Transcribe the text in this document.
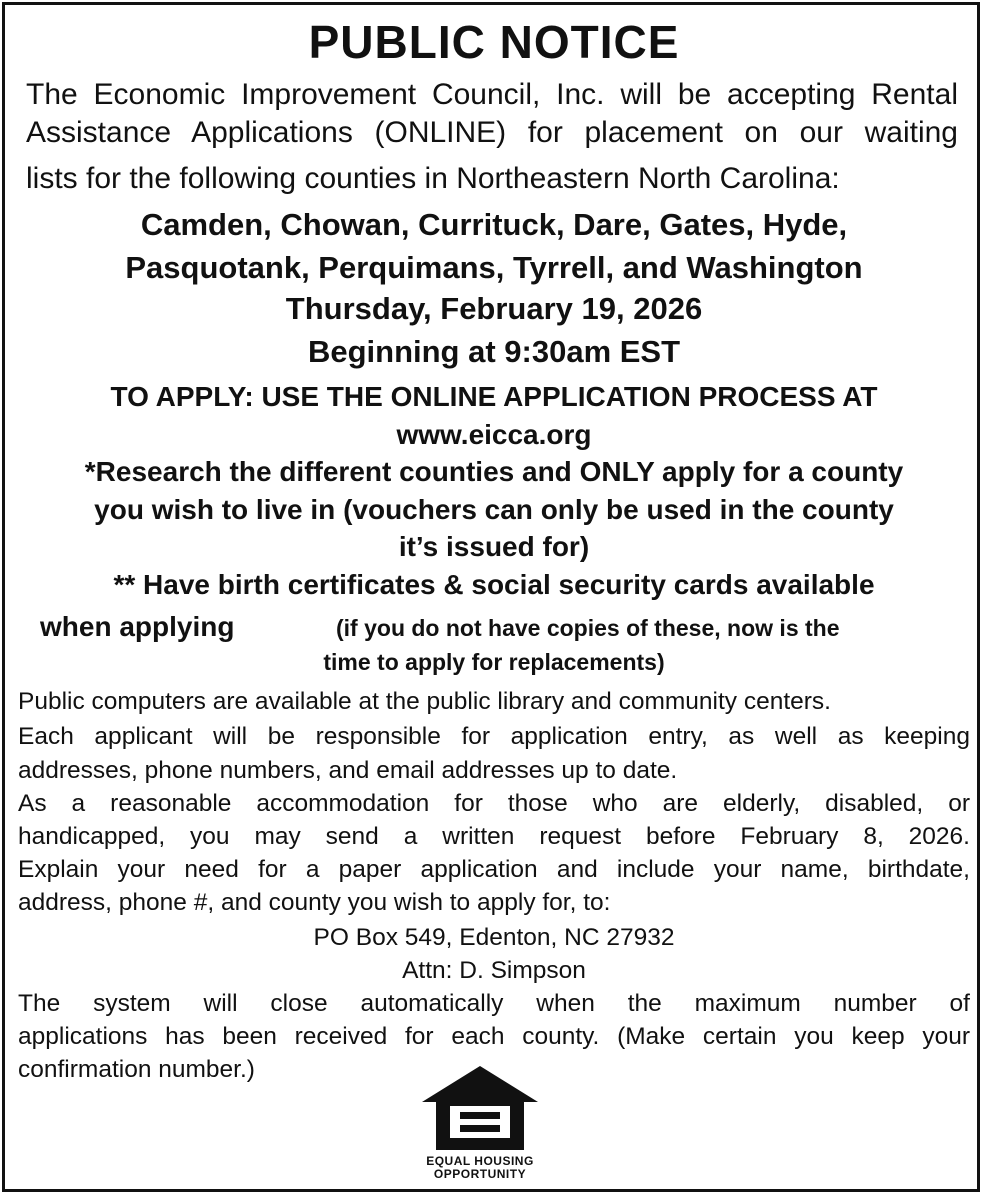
PUBLIC NOTICE

The Economic Improvement Council, Inc. will be accepting Rental

Assistance Applications (ONLINE) for placement on our waiting

lists for the following counties in Northeastern North Carolina:

Camden, Chowan, Currituck, Dare, Gates, Hyde,

Pasquotank, Perquimans, Tyrrell, and Washington

Thursday, February 19, 2026

Beginning at 9:30am EST

TO APPLY: USE THE ONLINE APPLICATION PROCESS AT

www.eicca.org

*Research the different counties and ONLY apply for a county

you wish to live in (vouchers can only be used in the county

it’s issued for)

** Have birth certificates & social security cards available

when applying	(if you do not have copies of these, now is the

time to apply for replacements)

Public computers are available at the public library and community centers.

Each applicant will be responsible for application entry, as well as keeping

addresses, phone numbers, and email addresses up to date.

As a reasonable accommodation for those who are elderly, disabled, or

handicapped, you may send a written request before February 8, 2026.

Explain your need for a paper application and include your name, birthdate,

address, phone #, and county you wish to apply for, to:

PO Box 549, Edenton, NC 27932

Attn: D. Simpson

The system will close automatically when the maximum number of

applications has been received for each county. (Make certain you keep your

confirmation number.)

EQUAL HOUSING
OPPORTUNITY
